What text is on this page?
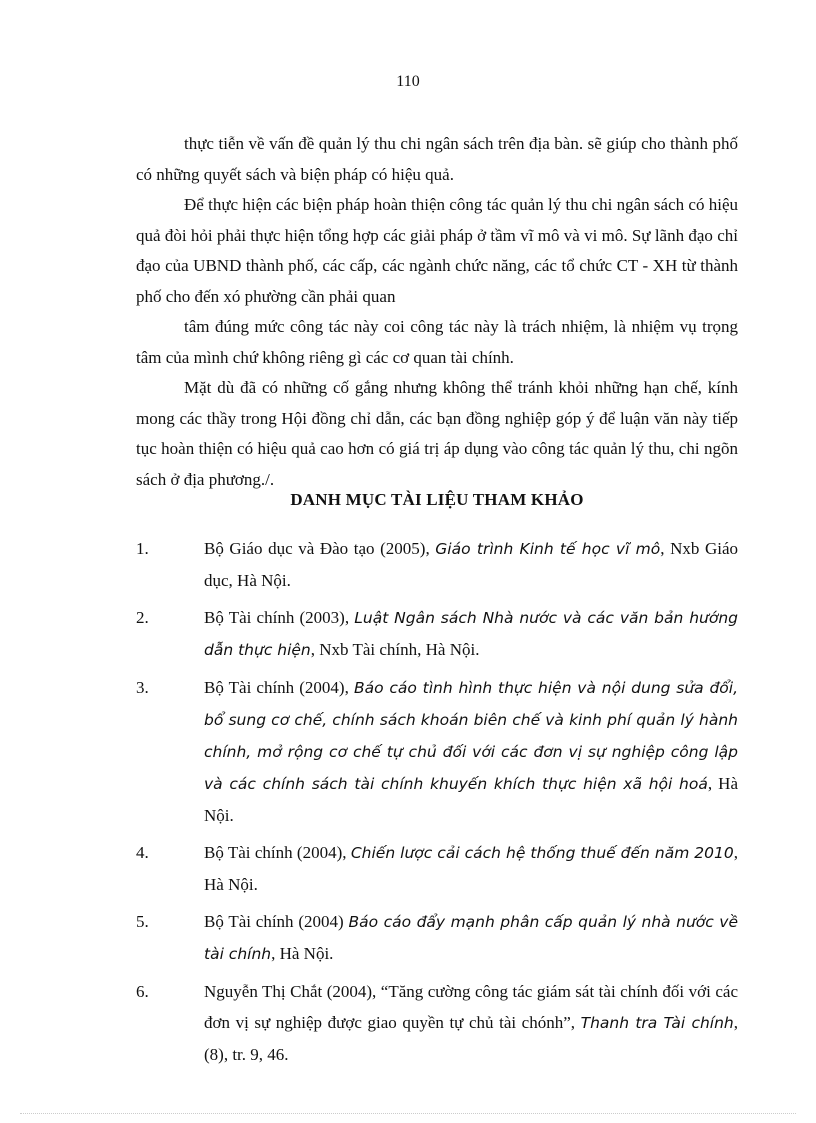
110

thực tiễn về vấn đề quản lý thu chi ngân sách trên địa bàn. sẽ giúp cho thành phố có những quyết sách và biện pháp có hiệu quả.

Để thực hiện các biện pháp hoàn thiện công tác quản lý thu chi ngân sách có hiệu quả đòi hỏi phải thực hiện tổng hợp các giải pháp ở tầm vĩ mô và vi mô. Sự lãnh đạo chỉ đạo của UBND thành phố, các cấp, các ngành chức năng, các tổ chức CT - XH từ thành phố cho đến xó phường cần phải quan

tâm đúng mức công tác này coi công tác này là trách nhiệm, là nhiệm vụ trọng tâm của mình chứ không riêng gì các cơ quan tài chính.

Mặt dù đã có những cố gắng nhưng không thể tránh khỏi những hạn chế, kính mong các thầy trong Hội đồng chỉ dẫn, các bạn đồng nghiệp góp ý để luận văn này tiếp tục hoàn thiện có hiệu quả cao hơn có giá trị áp dụng vào công tác quản lý thu, chi ngõn sách ở địa phương./.

DANH MỤC TÀI LIỆU THAM KHẢO
1.	Bộ Giáo dục và Đào tạo (2005), Giáo trình Kinh tế học vĩ mô, Nxb Giáo dục, Hà Nội.
2.	Bộ Tài chính (2003), Luật Ngân sách Nhà nước và các văn bản hướng dẫn thực hiện, Nxb Tài chính, Hà Nội.
3.	Bộ Tài chính (2004), Báo cáo tình hình thực hiện và nội dung sửa đổi, bổ sung cơ chế, chính sách khoán biên chế và kinh phí quản lý hành chính, mở rộng cơ chế tự chủ đối với các đơn vị sự nghiệp công lập và các chính sách tài chính khuyến khích thực hiện xã hội hoá, Hà Nội.
4.	Bộ Tài chính (2004), Chiến lược cải cách hệ thống thuế đến năm 2010, Hà Nội.
5.	Bộ Tài chính (2004) Báo cáo đẩy mạnh phân cấp quản lý nhà nước về tài chính, Hà Nội.
6.	Nguyễn Thị Chắt (2004), “Tăng cường công tác giám sát tài chính đối với các đơn vị sự nghiệp được giao quyền tự chủ tài chónh”, Thanh tra Tài chính, (8), tr. 9, 46.
